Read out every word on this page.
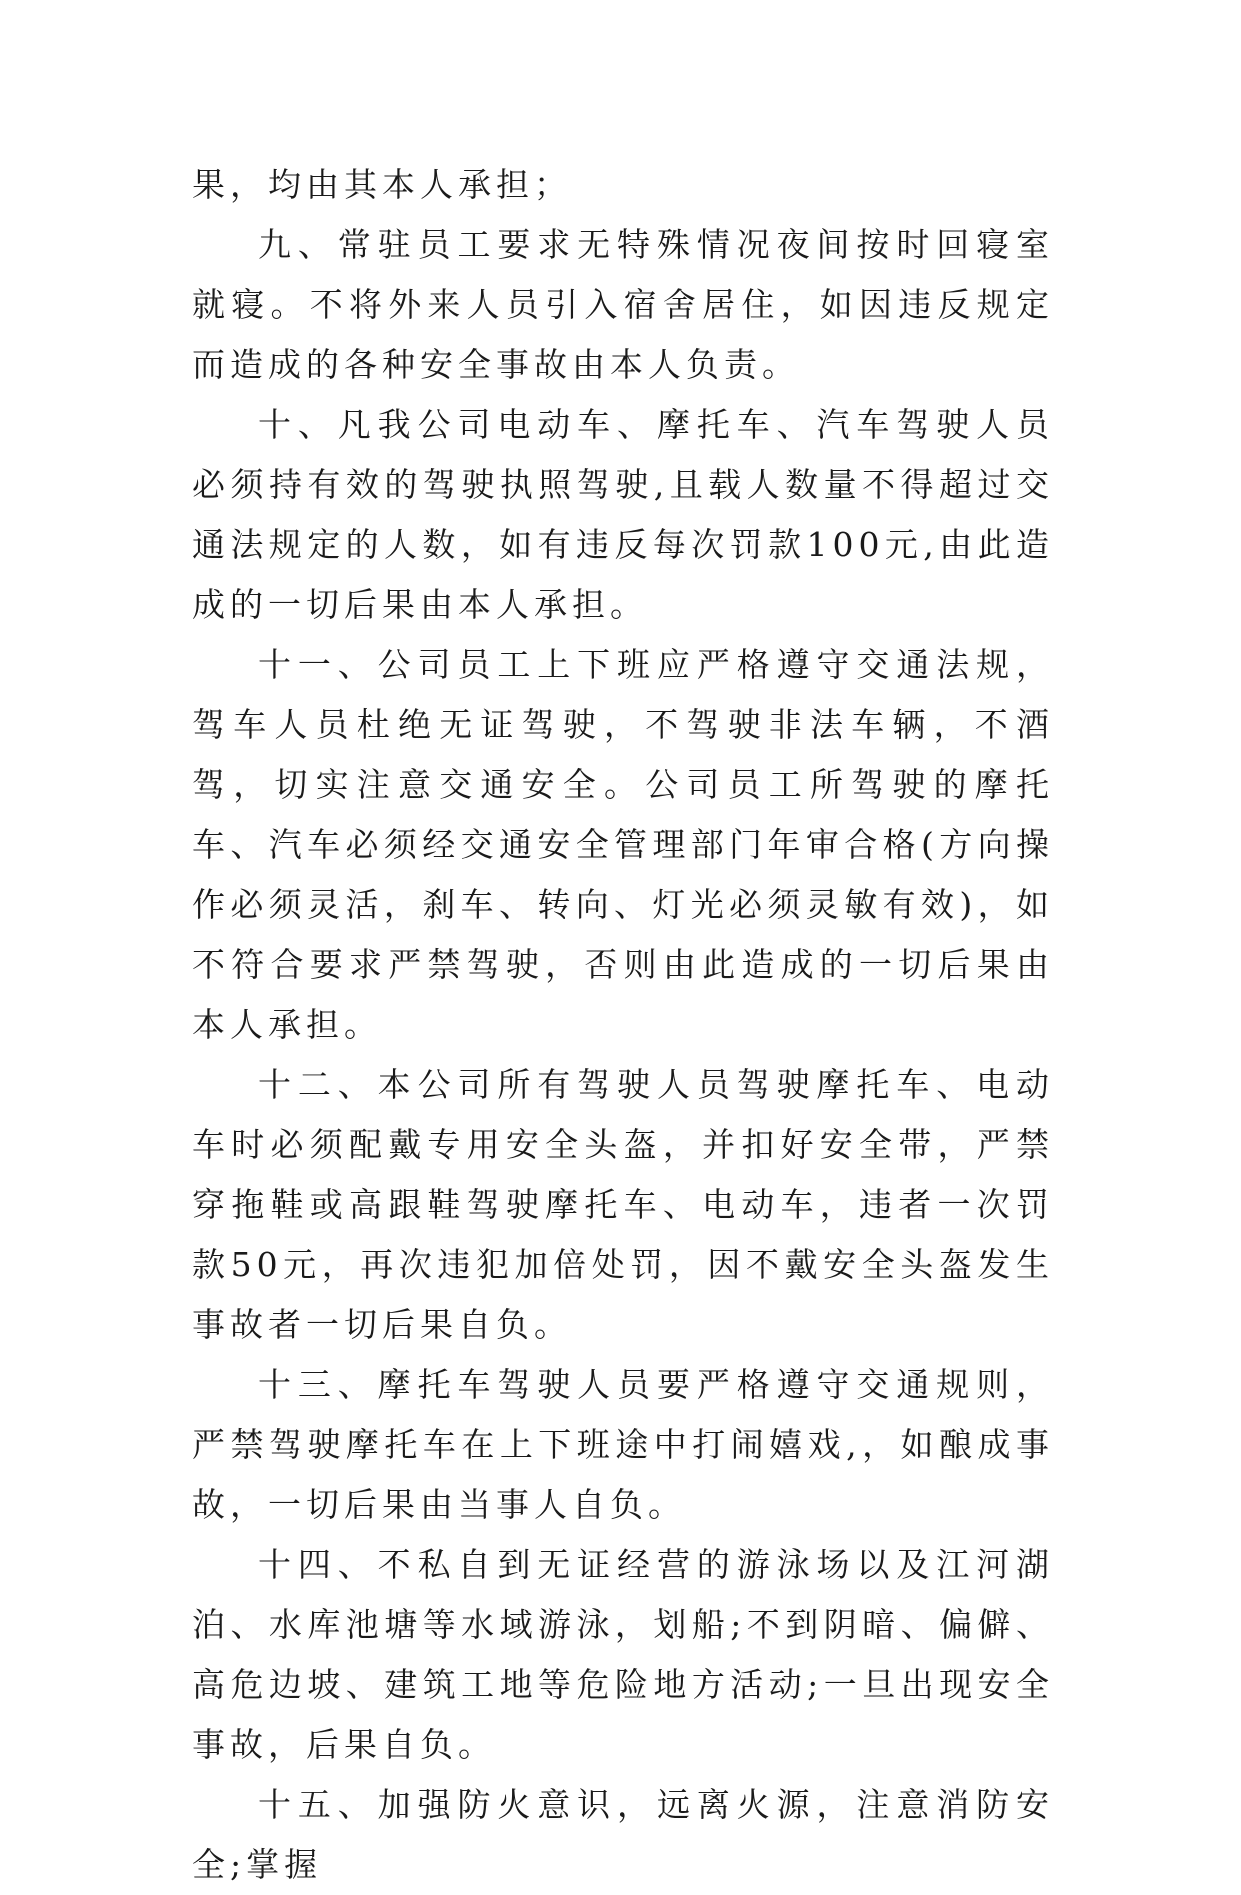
果，均由其本人承担；

九、常驻员工要求无特殊情况夜间按时回寝室就寝。不将外来人员引入宿舍居住，如因违反规定而造成的各种安全事故由本人负责。

十、凡我公司电动车、摩托车、汽车驾驶人员必须持有效的驾驶执照驾驶,且载人数量不得超过交通法规定的人数，如有违反每次罚款100元,由此造成的一切后果由本人承担。

十一、公司员工上下班应严格遵守交通法规，驾车人员杜绝无证驾驶，不驾驶非法车辆，不酒驾，切实注意交通安全。公司员工所驾驶的摩托车、汽车必须经交通安全管理部门年审合格(方向操作必须灵活，刹车、转向、灯光必须灵敏有效)，如不符合要求严禁驾驶，否则由此造成的一切后果由本人承担。

十二、本公司所有驾驶人员驾驶摩托车、电动车时必须配戴专用安全头盔，并扣好安全带，严禁穿拖鞋或高跟鞋驾驶摩托车、电动车，违者一次罚款50元，再次违犯加倍处罚，因不戴安全头盔发生事故者一切后果自负。

十三、摩托车驾驶人员要严格遵守交通规则，严禁驾驶摩托车在上下班途中打闹嬉戏,，如酿成事故，一切后果由当事人自负。

十四、不私自到无证经营的游泳场以及江河湖泊、水库池塘等水域游泳，划船;不到阴暗、偏僻、高危边坡、建筑工地等危险地方活动;一旦出现安全事故，后果自负。

十五、加强防火意识，远离火源，注意消防安全;掌握
